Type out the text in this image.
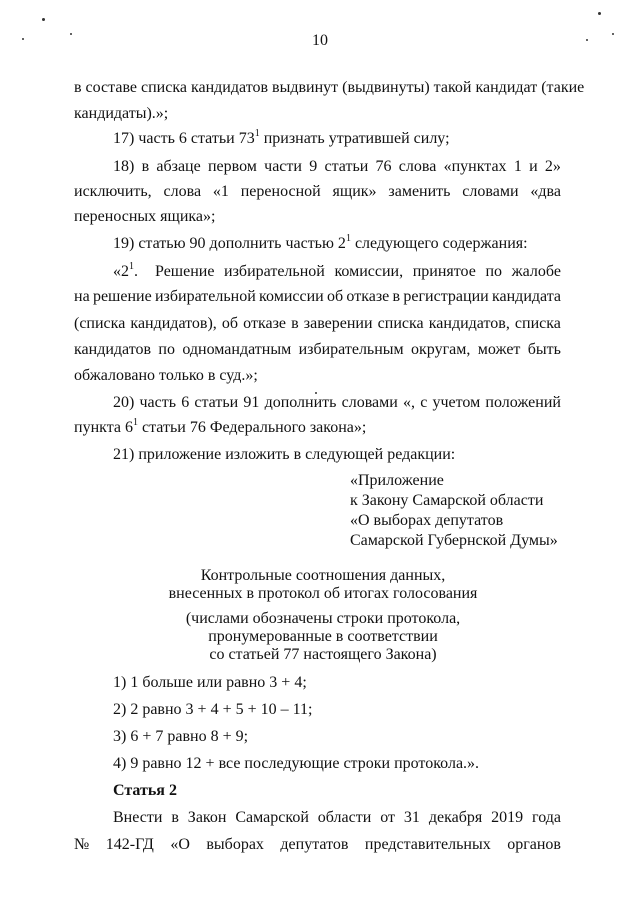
10
в составе списка кандидатов выдвинут (выдвинуты) такой кандидат (такие
кандидаты).»;
17) часть 6 статьи $73^1$ признать утратившей силу;
18) в абзаце первом части 9 статьи 76 слова «пунктах 1 и 2»
исключить, слова «1 переносной ящик» заменить словами «два
переносных ящика»;
19) статью 90 дополнить частью $2^1$ следующего содержания:
«$2^1$. Решение избирательной комиссии, принятое по жалобе
на решение избирательной комиссии об отказе в регистрации кандидата
(списка кандидатов), об отказе в заверении списка кандидатов, списка
кандидатов по одномандатным избирательным округам, может быть
обжаловано только в суд.»;
20) часть 6 статьи 91 дополнить словами «, с учетом положений
пункта $6^1$ статьи 76 Федерального закона»;
21) приложение изложить в следующей редакции:
«Приложение
к Закону Самарской области
«О выборах депутатов
Самарской Губернской Думы»
Контрольные соотношения данных,
внесенных в протокол об итогах голосования
(числами обозначены строки протокола,
пронумерованные в соответствии
со статьей 77 настоящего Закона)
1) 1 больше или равно 3 + 4;
2) 2 равно 3 + 4 + 5 + 10 – 11;
3) 6 + 7 равно 8 + 9;
4) 9 равно 12 + все последующие строки протокола.».
Статья 2
Внести в Закон Самарской области от 31 декабря 2019 года
№ 142-ГД «О выборах депутатов представительных органов
